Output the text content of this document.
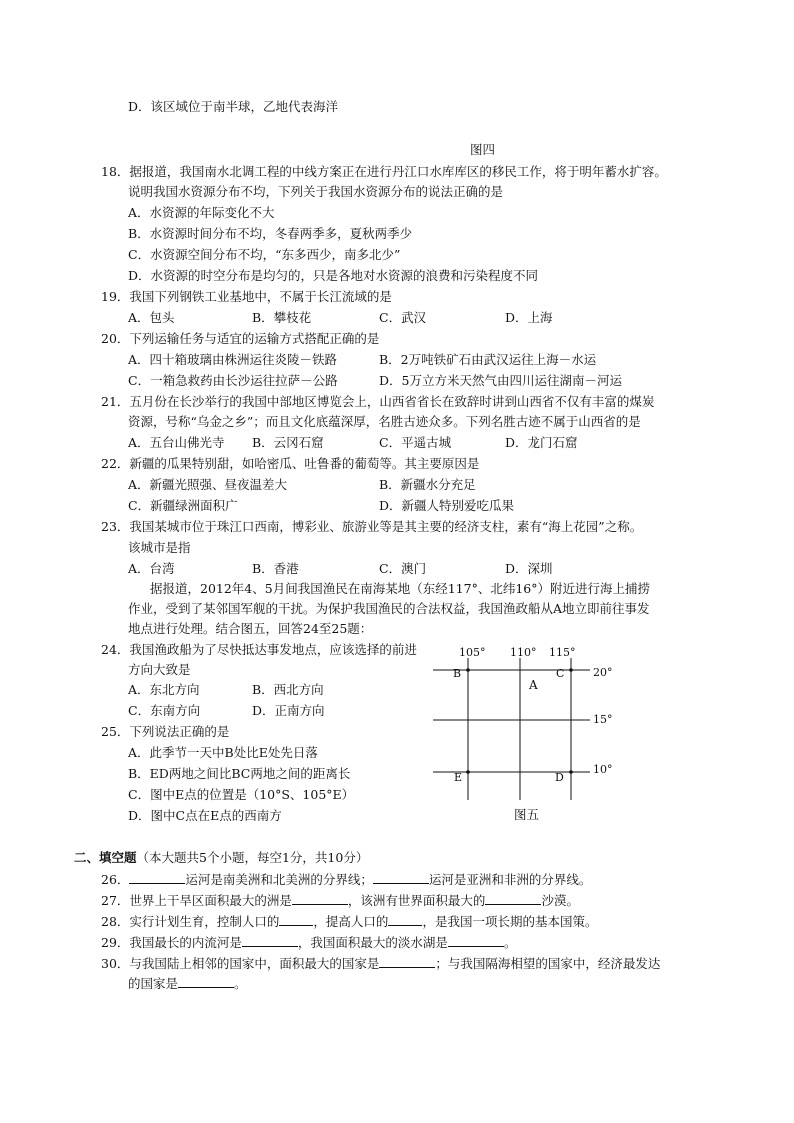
D．该区域位于南半球，乙地代表海洋
图四
18．据报道，我国南水北调工程的中线方案正在进行丹江口水库库区的移民工作，将于明年蓄水扩容。
说明我国水资源分布不均，下列关于我国水资源分布的说法正确的是
A．水资源的年际变化不大
B．水资源时间分布不均，冬春两季多，夏秋两季少
C．水资源空间分布不均，“东多西少，南多北少”
D．水资源的时空分布是均匀的，只是各地对水资源的浪费和污染程度不同
19．我国下列钢铁工业基地中，不属于长江流域的是
A．包头	B．攀枝花	C．武汉	D．上海
20．下列运输任务与适宜的运输方式搭配正确的是
A．四十箱玻璃由株洲运往炎陵－铁路	B．2万吨铁矿石由武汉运往上海－水运
C．一箱急救药由长沙运往拉萨－公路	D．5万立方米天然气由四川运往湖南－河运
21．五月份在长沙举行的我国中部地区博览会上，山西省省长在致辞时讲到山西省不仅有丰富的煤炭
资源，号称“乌金之乡”；而且文化底蕴深厚，名胜古迹众多。下列名胜古迹不属于山西省的是
A．五台山佛光寺 B．云冈石窟	C．平遥古城	D．龙门石窟
22．新疆的瓜果特别甜，如哈密瓜、吐鲁番的葡萄等。其主要原因是
A．新疆光照强、昼夜温差大	B．新疆水分充足
C．新疆绿洲面积广	D．新疆人特别爱吃瓜果
23．我国某城市位于珠江口西南，博彩业、旅游业等是其主要的经济支柱，素有“海上花园”之称。
该城市是指
A．台湾	B．香港	C．澳门	D．深圳
据报道，2012年4、5月间我国渔民在南海某地（东经117°、北纬16°）附近进行海上捕捞
作业，受到了某邻国军舰的干扰。为保护我国渔民的合法权益，我国渔政船从A地立即前往事发
地点进行处理。结合图五，回答24至25题：
24．我国渔政船为了尽快抵达事发地点，应该选择的前进
方向大致是
A．东北方向	B．西北方向
C．东南方向	D．正南方向
25．下列说法正确的是
A．此季节一天中B处比E处先日落
B．ED两地之间比BC两地之间的距离长
C．图中E点的位置是（10°S、105°E）
D．图中C点在E点的西南方
105° 110° 115°
20°
15°
10°
B	C
A
E	D
图五
二、填空题（本大题共5个小题，每空1分，共10分）
26．	运河是南美洲和北美洲的分界线；	运河是亚洲和非洲的分界线。
27．世界上干旱区面积最大的洲是	，该洲有世界面积最大的	沙漠。
28．实行计划生育，控制人口的	，提高人口的	，是我国一项长期的基本国策。
29．我国最长的内流河是	，我国面积最大的淡水湖是	。
30．与我国陆上相邻的国家中，面积最大的国家是	；与我国隔海相望的国家中，经济最发达
的国家是	。
